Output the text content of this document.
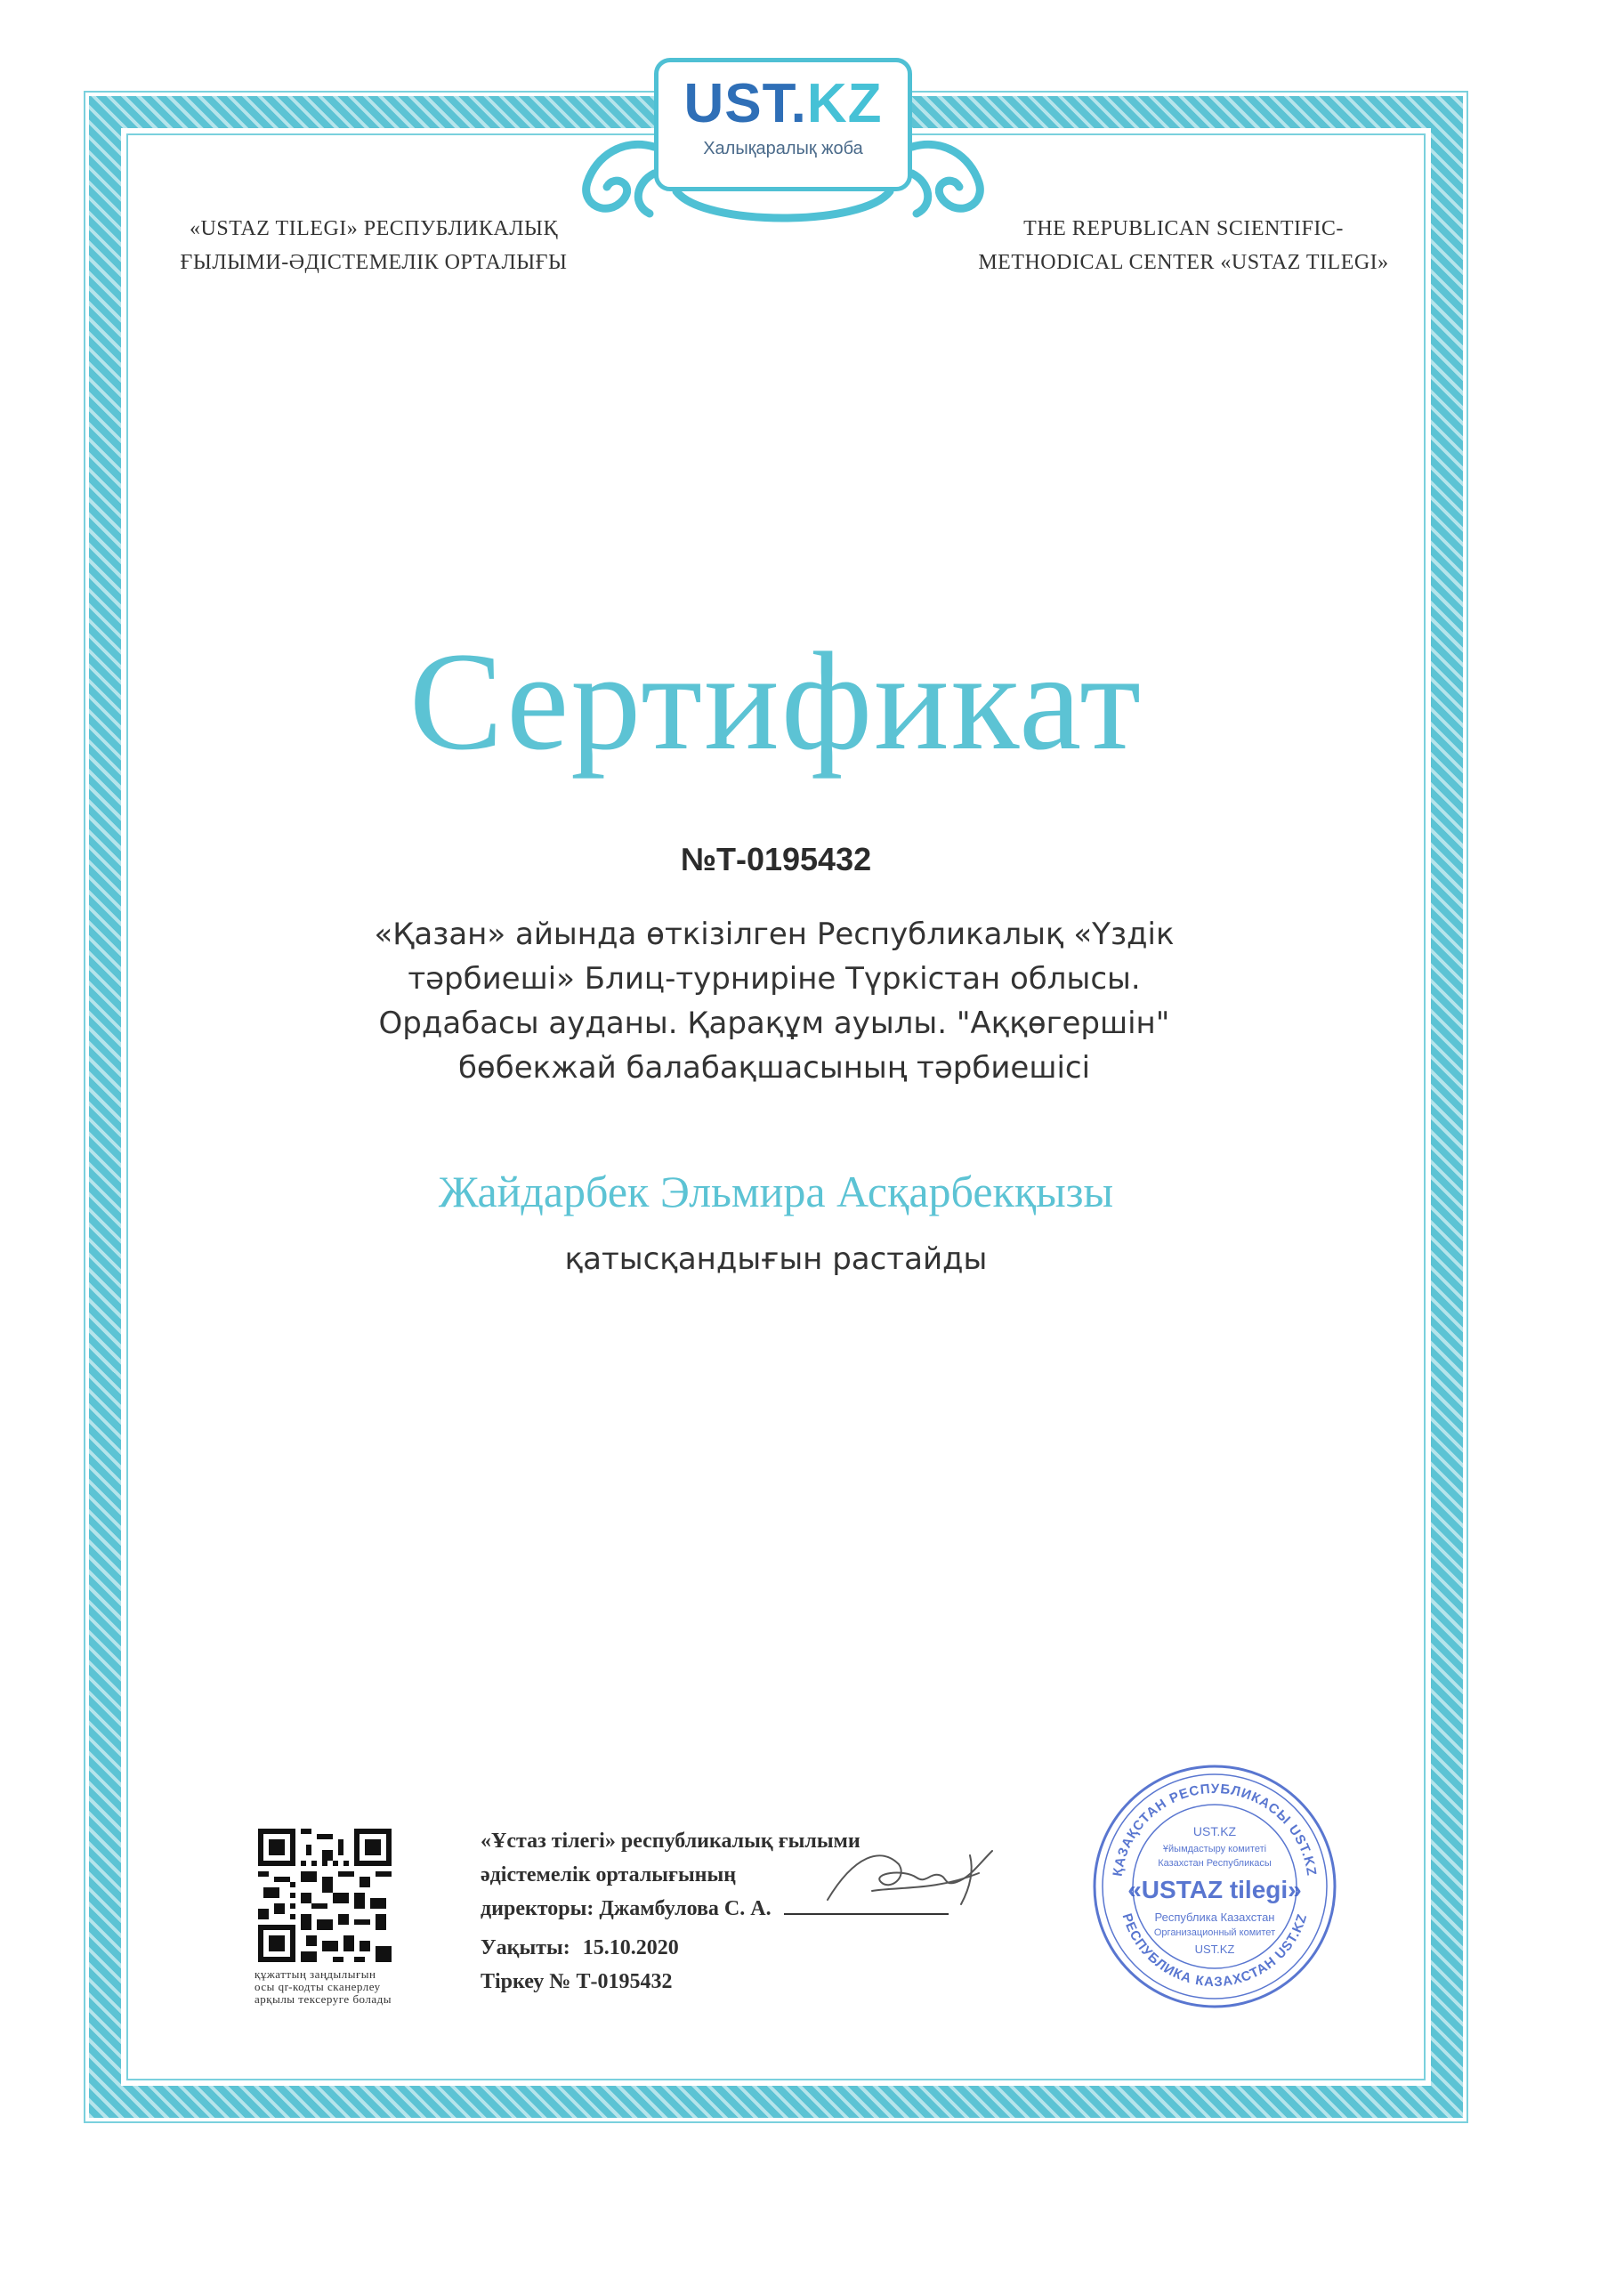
UST.KZ
Халықаралық жоба
«USTAZ TILEGI» РЕСПУБЛИКАЛЫҚ
ҒЫЛЫМИ-ӘДІСТЕМЕЛІК ОРТАЛЫҒЫ
THE REPUBLICAN SCIENTIFIC-
METHODICAL CENTER «USTAZ TILEGI»
Сертификат
№Т-0195432
«Қазан» айында өткізілген Республикалық «Үздік
тәрбиеші» Блиц-турниріне Түркістан облысы.
Ордабасы ауданы. Қарақұм ауылы. "Аққөгершін"
бөбекжай балабақшасының тәрбиешісі
Жайдарбек Эльмира Асқарбекқызы
қатысқандығын растайды
құжаттың заңдылығын
осы qr-кодты сканерлеу
арқылы тексеруге болады
«Ұстаз тілегі» республикалық ғылыми
әдістемелік орталығының
директоры: Джамбулова С. А.
Уақыты: 15.10.2020
Тіркеу № Т-0195432
ҚАЗАҚСТАН РЕСПУБЛИКАСЫ UST.KZ
РЕСПУБЛИКА КАЗАХСТАН UST.KZ
UST.KZ
Ұйымдастыру комитеті
Казахстан Республикасы
«USTAZ tilegi»
Республика Казахстан
Организационный комитет
UST.KZ
